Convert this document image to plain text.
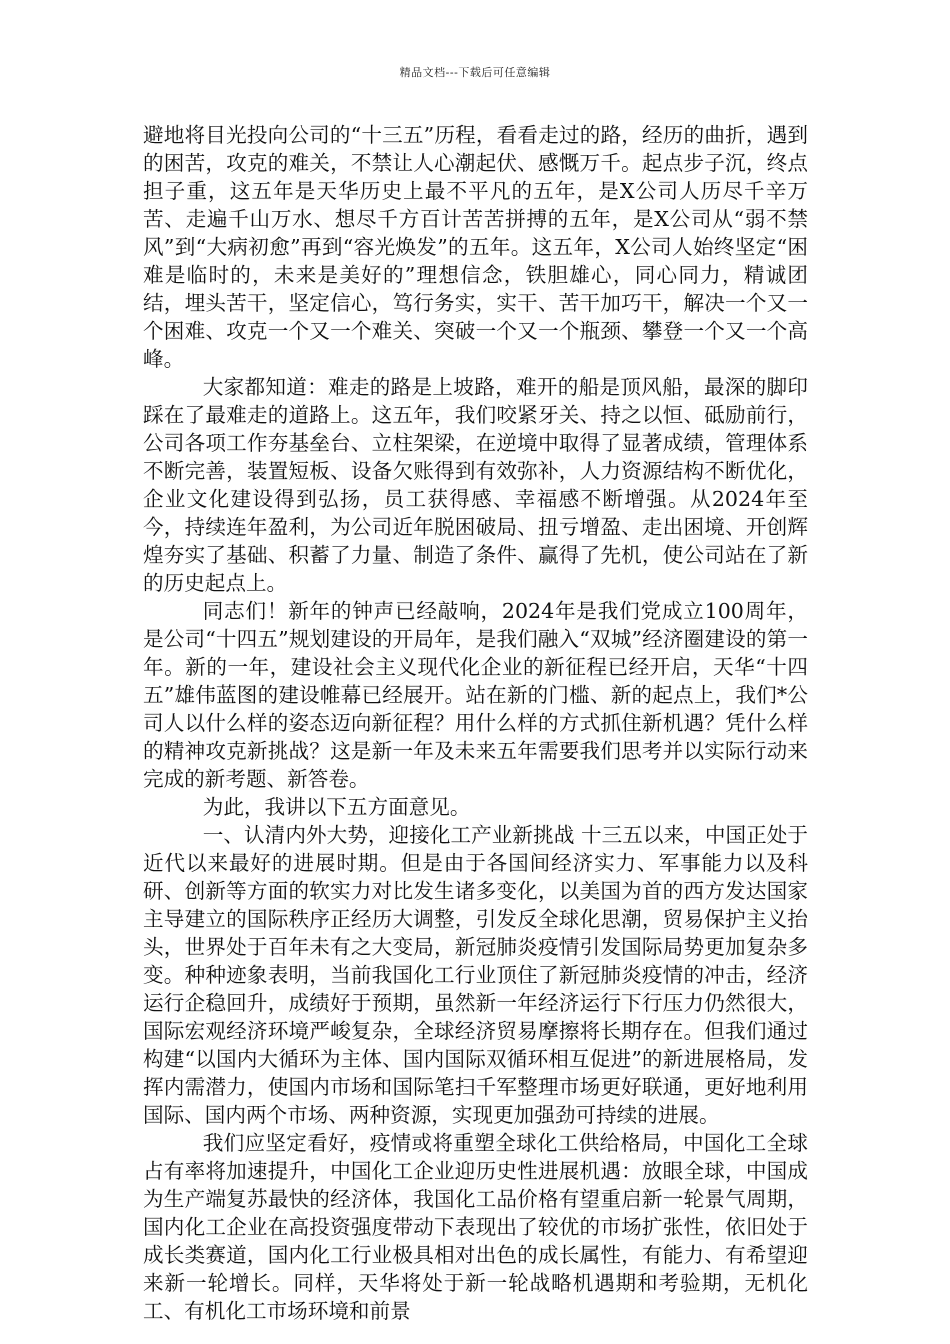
精品文档---下载后可任意编辑

避地将目光投向公司的“十三五”历程，看看走过的路，经历的曲折，遇到的困苦，攻克的难关，不禁让人心潮起伏、感慨万千。起点步子沉，终点担子重，这五年是天华历史上最不平凡的五年，是X公司人历尽千辛万苦、走遍千山万水、想尽千方百计苦苦拼搏的五年，是X公司从“弱不禁风”到“大病初愈”再到“容光焕发”的五年。这五年，X公司人始终坚定“困难是临时的，未来是美好的”理想信念，铁胆雄心，同心同力，精诚团结，埋头苦干，坚定信心，笃行务实，实干、苦干加巧干，解决一个又一个困难、攻克一个又一个难关、突破一个又一个瓶颈、攀登一个又一个高峰。

大家都知道：难走的路是上坡路，难开的船是顶风船，最深的脚印踩在了最难走的道路上。这五年，我们咬紧牙关、持之以恒、砥励前行，公司各项工作夯基垒台、立柱架梁，在逆境中取得了显著成绩，管理体系不断完善，装置短板、设备欠账得到有效弥补，人力资源结构不断优化，企业文化建设得到弘扬，员工获得感、幸福感不断增强。从2024年至今，持续连年盈利，为公司近年脱困破局、扭亏增盈、走出困境、开创辉煌夯实了基础、积蓄了力量、制造了条件、赢得了先机，使公司站在了新的历史起点上。

同志们！新年的钟声已经敲响，2024年是我们党成立100周年，是公司“十四五”规划建设的开局年，是我们融入“双城”经济圈建设的第一年。新的一年，建设社会主义现代化企业的新征程已经开启，天华“十四五”雄伟蓝图的建设帷幕已经展开。站在新的门槛、新的起点上，我们*公司人以什么样的姿态迈向新征程？用什么样的方式抓住新机遇？凭什么样的精神攻克新挑战？这是新一年及未来五年需要我们思考并以实际行动来完成的新考题、新答卷。

为此，我讲以下五方面意见。

一、认清内外大势，迎接化工产业新挑战 十三五以来，中国正处于近代以来最好的进展时期。但是由于各国间经济实力、军事能力以及科研、创新等方面的软实力对比发生诸多变化，以美国为首的西方发达国家主导建立的国际秩序正经历大调整，引发反全球化思潮，贸易保护主义抬头，世界处于百年未有之大变局，新冠肺炎疫情引发国际局势更加复杂多变。种种迹象表明，当前我国化工行业顶住了新冠肺炎疫情的冲击，经济运行企稳回升，成绩好于预期，虽然新一年经济运行下行压力仍然很大，国际宏观经济环境严峻复杂，全球经济贸易摩擦将长期存在。但我们通过构建“以国内大循环为主体、国内国际双循环相互促进”的新进展格局，发挥内需潜力，使国内市场和国际笔扫千军整理市场更好联通，更好地利用国际、国内两个市场、两种资源，实现更加强劲可持续的进展。

我们应坚定看好，疫情或将重塑全球化工供给格局，中国化工全球占有率将加速提升，中国化工企业迎历史性进展机遇：放眼全球，中国成为生产端复苏最快的经济体，我国化工品价格有望重启新一轮景气周期，国内化工企业在高投资强度带动下表现出了较优的市场扩张性，依旧处于成长类赛道，国内化工行业极具相对出色的成长属性，有能力、有希望迎来新一轮增长。同样，天华将处于新一轮战略机遇期和考验期，无机化工、有机化工市场环境和前景
